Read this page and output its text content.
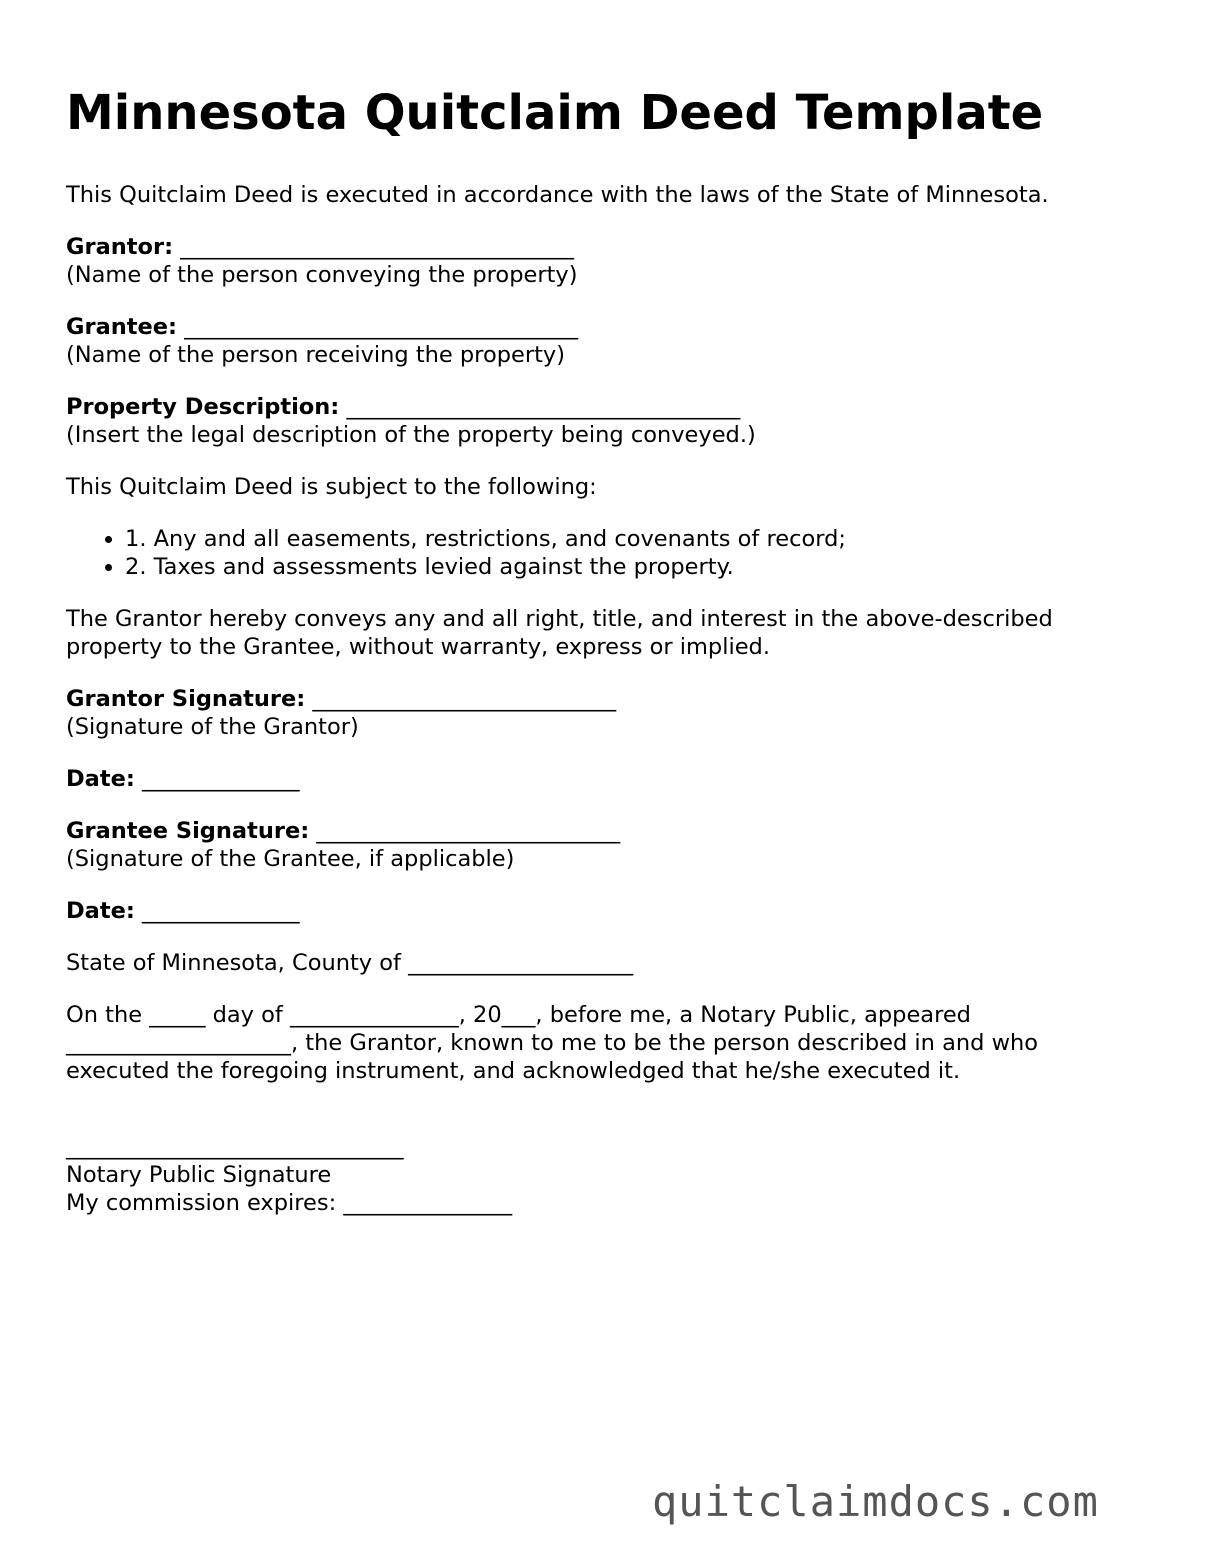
Minnesota Quitclaim Deed Template

This Quitclaim Deed is executed in accordance with the laws of the State of Minnesota.

Grantor: ___________________________________
(Name of the person conveying the property)

Grantee: ___________________________________
(Name of the person receiving the property)

Property Description: ___________________________________
(Insert the legal description of the property being conveyed.)

This Quitclaim Deed is subject to the following:

• 1. Any and all easements, restrictions, and covenants of record;
• 2. Taxes and assessments levied against the property.

The Grantor hereby conveys any and all right, title, and interest in the above-described property to the Grantee, without warranty, express or implied.

Grantor Signature: ___________________________
(Signature of the Grantor)

Date: ______________

Grantee Signature: ___________________________
(Signature of the Grantee, if applicable)

Date: ______________

State of Minnesota, County of ____________________

On the _____ day of _______________, 20___, before me, a Notary Public, appeared
____________________, the Grantor, known to me to be the person described in and who
executed the foregoing instrument, and acknowledged that he/she executed it.

______________________________
Notary Public Signature
My commission expires: _______________

quitclaimdocs.com
